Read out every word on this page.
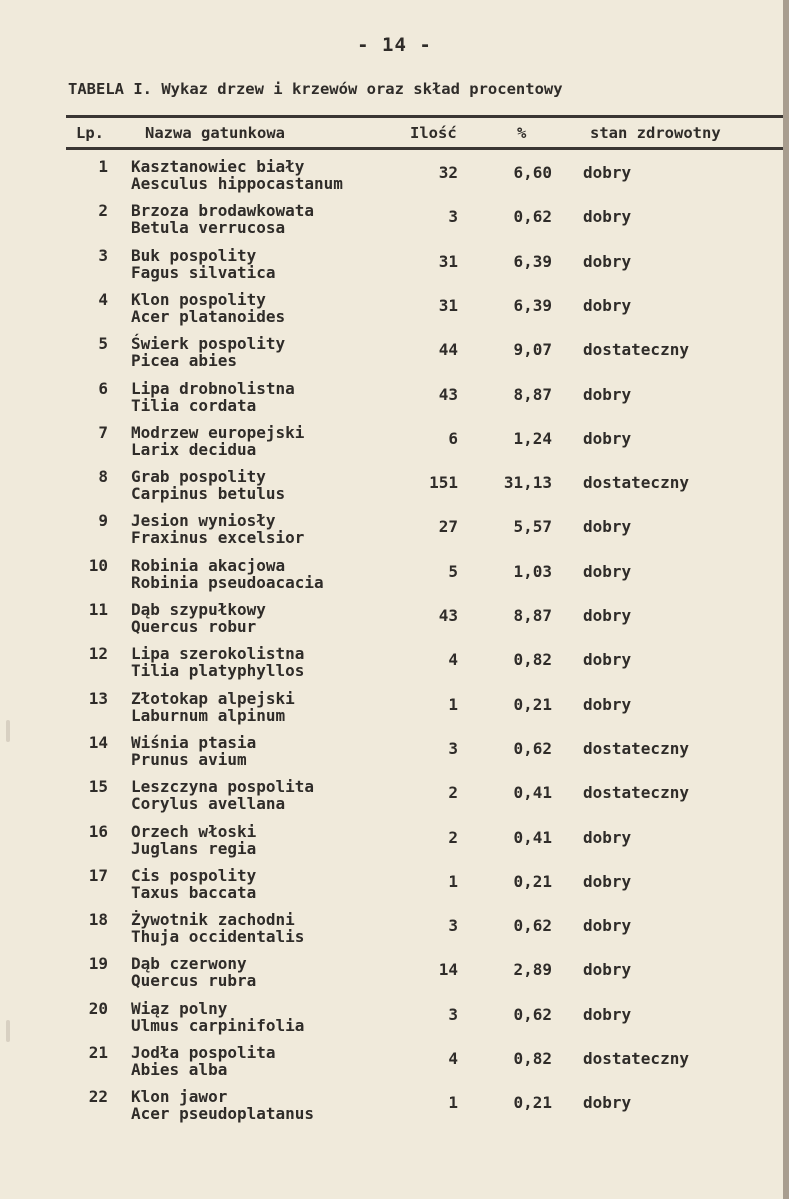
- 14 -
TABELA I. Wykaz drzew i krzewów oraz skład procentowy
Lp.	Nazwa gatunkowa	Ilość	%	stan zdrowotny
1 Kasztanowiec biały
Aesculus hippocastanum
32	6,60 dobry
2 Brzoza brodawkowata
Betula verrucosa
3	0,62 dobry
3 Buk pospolity
Fagus silvatica
31	6,39 dobry
4 Klon pospolity
Acer platanoides
31	6,39 dobry
5 Świerk pospolity
Picea abies
44	9,07 dostateczny
6 Lipa drobnolistna
Tilia cordata
43	8,87 dobry
7 Modrzew europejski
Larix decidua
6	1,24 dobry
8 Grab pospolity
Carpinus betulus
151	31,13 dostateczny
9 Jesion wyniosły
Fraxinus excelsior
27	5,57 dobry
10 Robinia akacjowa
Robinia pseudoacacia
5	1,03 dobry
11 Dąb szypułkowy
Quercus robur
43	8,87 dobry
12 Lipa szerokolistna
Tilia platyphyllos
4	0,82 dobry
13 Złotokap alpejski
Laburnum alpinum
1	0,21 dobry
14 Wiśnia ptasia
Prunus avium
3	0,62 dostateczny
15 Leszczyna pospolita
Corylus avellana
2	0,41 dostateczny
16 Orzech włoski
Juglans regia
2	0,41 dobry
17 Cis pospolity
Taxus baccata
1	0,21 dobry
18 Żywotnik zachodni
Thuja occidentalis
3	0,62 dobry
19 Dąb czerwony
Quercus rubra
14	2,89 dobry
20 Wiąz polny
Ulmus carpinifolia
3	0,62 dobry
21 Jodła pospolita
Abies alba
4	0,82 dostateczny
22 Klon jawor
Acer pseudoplatanus
1	0,21 dobry
